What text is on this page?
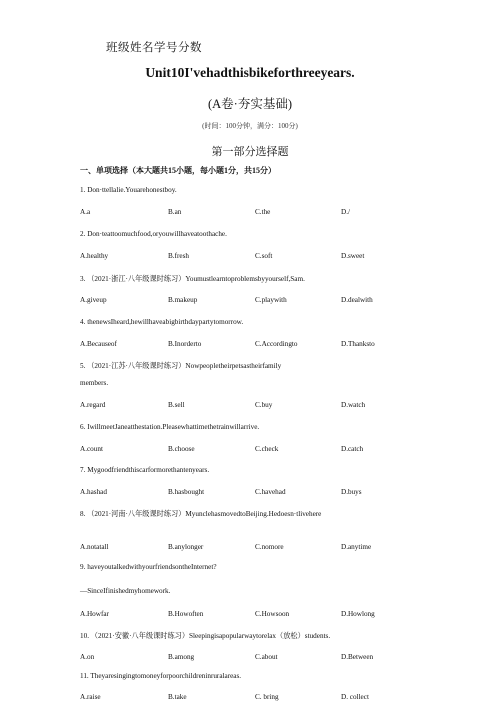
班级姓名学号分数
Unit10I'vehadthisbikeforthreeyears.
(A卷·夯实基础)
(时间：100分钟，满分：100分)
第一部分选择题
一、单项选择（本大题共15小题，每小题1分，共15分）
1. Don·ttellalie.Youarehonestboy.
A.a	B.an	C.the	D./
2. Don·teattoomuchfood,oryouwillhaveatoothache.
A.healthy	B.fresh	C.soft	D.sweet
3. （2021·浙江·八年级课时练习）Youmustlearntoproblemsbyyourself,Sam.
A.giveup	B.makeup	C.playwith	D.dealwith
4. thenewsIheard,hewillhaveabigbirthdaypartytomorrow.
A.Becauseof	B.Inorderto	C.Accordingto	D.Thanksto
5. （2021·江苏·八年级课时练习）Nowpeopletheirpetsastheirfamily
members.
A.regard	B.sell	C.buy	D.watch
6. IwillmeetJaneatthestation.Pleasewhattimethetrainwillarrive.
A.count	B.choose	C.check	D.catch
7. Mygoodfriendthiscarformorethantenyears.
A.hashad	B.hasbought	C.havehad	D.buys
8. （2021·河南·八年级课时练习）MyunclehasmovedtoBeijing.Hedoesn·tlivehere
A.notatall	B.anylonger	C.nomore	D.anytime
9. haveyoutalkedwithyourfriendsontheInternet?
—SinceIfinishedmyhomework.
A.Howfar	B.Howoften	C.Howsoon	D.Howlong
10. （2021·安徽·八年级课时练习）Sleepingisapopularwaytorelax（放松）students.
A.on	B.among	C.about	D.Between
11. Theyaresingingtomoneyforpoorchildreninruralareas.
A.raise	B.take	C. bring	D. collect
